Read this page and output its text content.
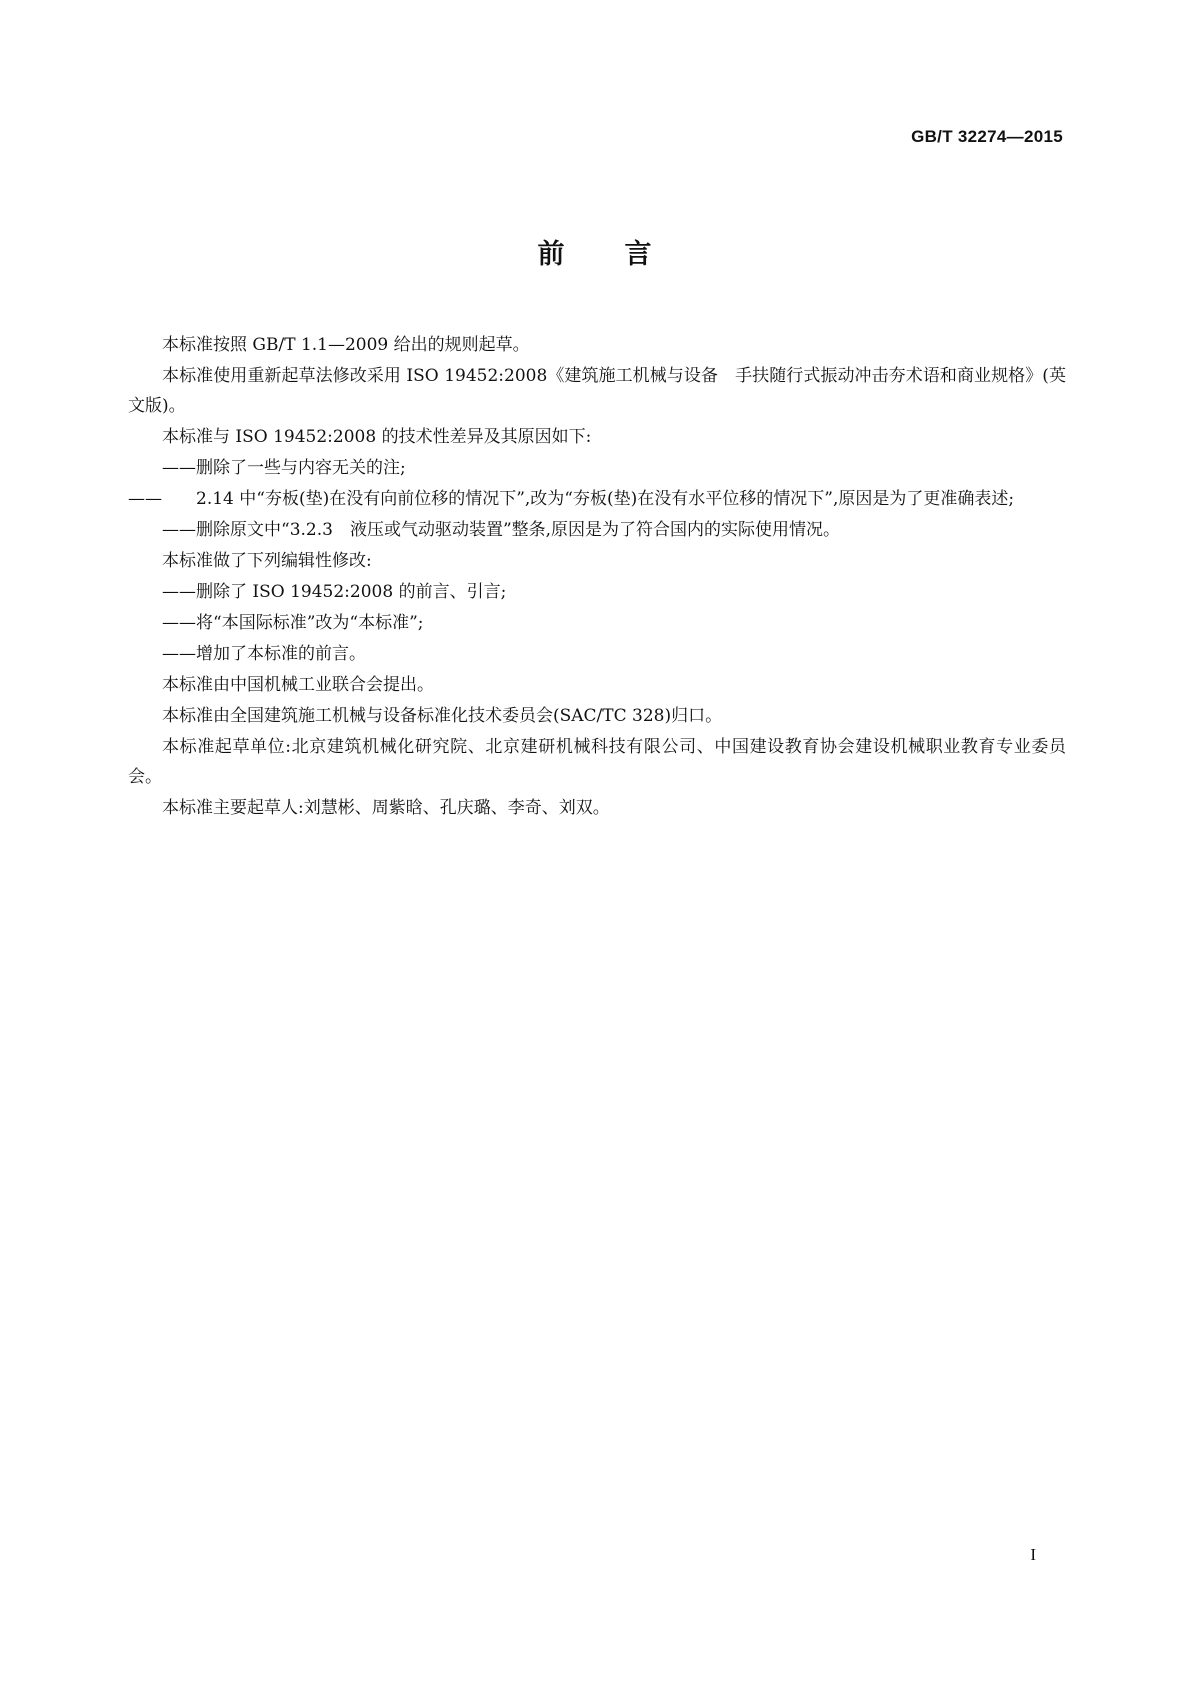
GB/T 32274—2015
前 言

本标准按照 GB/T 1.1—2009 给出的规则起草。

本标准使用重新起草法修改采用 ISO 19452:2008《建筑施工机械与设备　手扶随行式振动冲击夯术语和商业规格》(英文版)。

本标准与 ISO 19452:2008 的技术性差异及其原因如下:

——删除了一些与内容无关的注;
—— 2.14 中“夯板(垫)在没有向前位移的情况下”,改为“夯板(垫)在没有水平位移的情况下”,原因是为了更准确表述;
——删除原文中“3.2.3　液压或气动驱动装置”整条,原因是为了符合国内的实际使用情况。

本标准做了下列编辑性修改:

——删除了 ISO 19452:2008 的前言、引言;
——将“本国际标准”改为“本标准”;
——增加了本标准的前言。

本标准由中国机械工业联合会提出。

本标准由全国建筑施工机械与设备标准化技术委员会(SAC/TC 328)归口。

本标准起草单位:北京建筑机械化研究院、北京建研机械科技有限公司、中国建设教育协会建设机械职业教育专业委员会。

本标准主要起草人:刘慧彬、周紫晗、孔庆璐、李奇、刘双。

I
